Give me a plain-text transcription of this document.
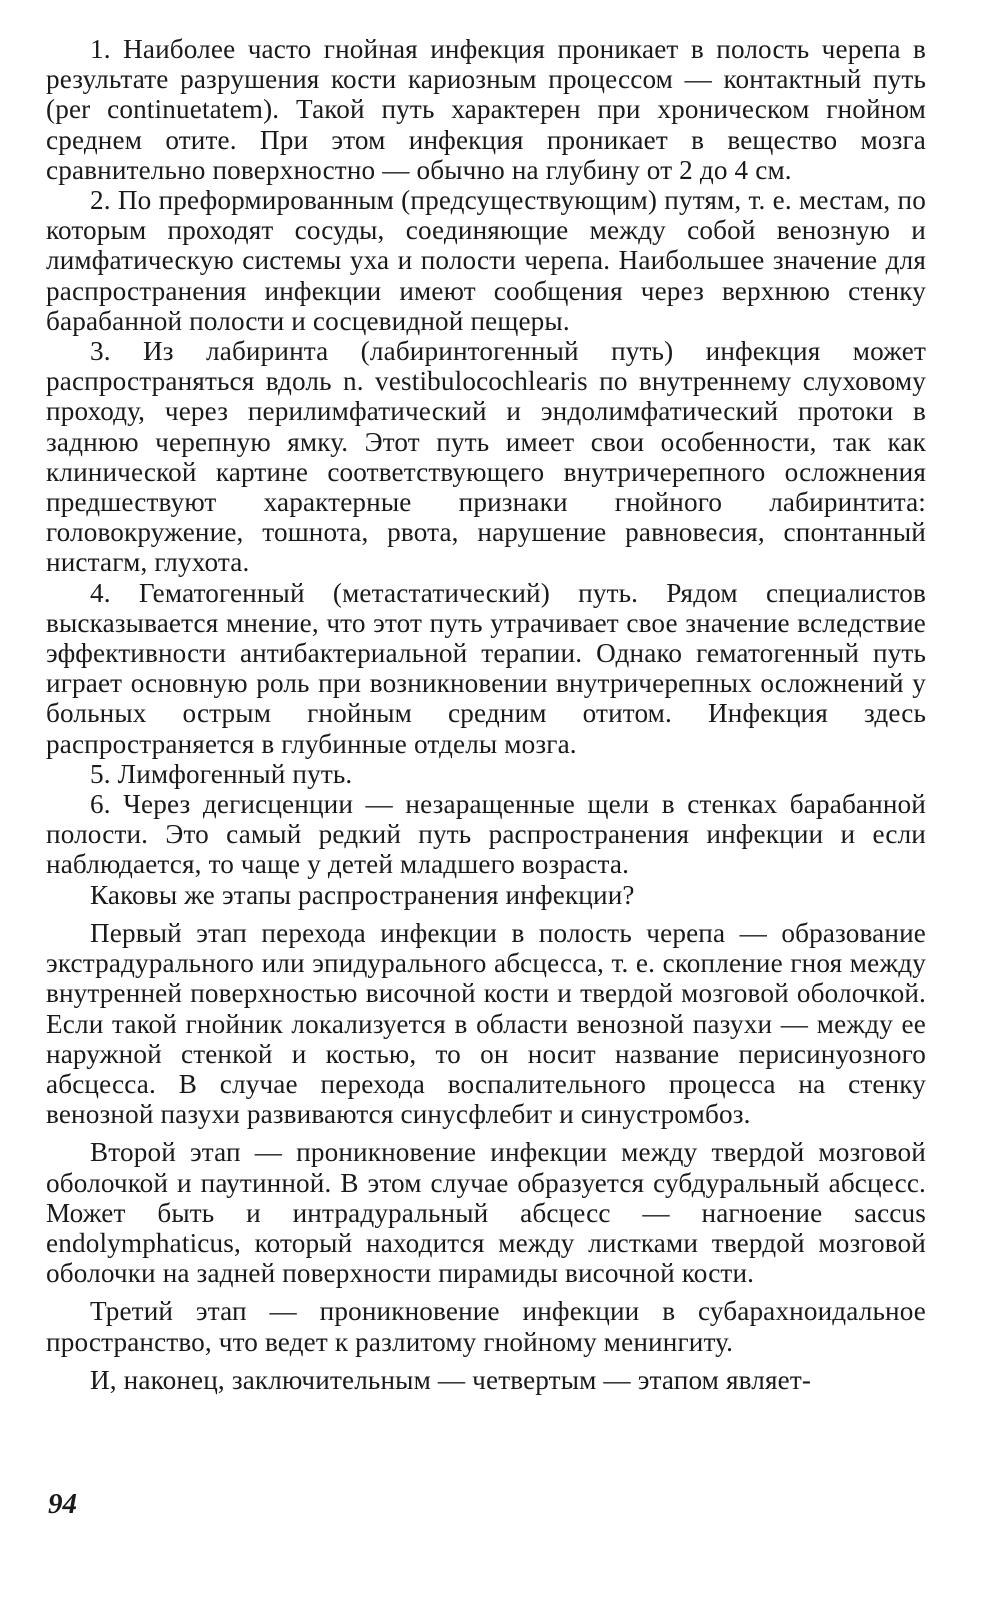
1. Наиболее часто гнойная инфекция проникает в полость черепа в результате разрушения кости кариозным процессом — контактный путь (per continuetatem). Такой путь характерен при хроническом гнойном среднем отите. При этом инфекция проникает в вещество мозга сравнительно поверхностно — обычно на глубину от 2 до 4 см.

2. По преформированным (предсуществующим) путям, т. е. местам, по которым проходят сосуды, соединяющие между собой венозную и лимфатическую системы уха и полости черепа. Наибольшее значение для распространения инфекции имеют сообщения через верхнюю стенку барабанной полости и сосцевидной пещеры.

3. Из лабиринта (лабиринтогенный путь) инфекция может распространяться вдоль n. vestibulocochlearis по внутреннему слуховому проходу, через перилимфатический и эндолимфатический протоки в заднюю черепную ямку. Этот путь имеет свои особенности, так как клинической картине соответствующего внутричерепного осложнения предшествуют характерные признаки гнойного лабиринтита: головокружение, тошнота, рвота, нарушение равновесия, спонтанный нистагм, глухота.

4. Гематогенный (метастатический) путь. Рядом специалистов высказывается мнение, что этот путь утрачивает свое значение вследствие эффективности антибактериальной терапии. Однако гематогенный путь играет основную роль при возникновении внутричерепных осложнений у больных острым гнойным средним отитом. Инфекция здесь распространяется в глубинные отделы мозга.

5. Лимфогенный путь.

6. Через дегисценции — незаращенные щели в стенках барабанной полости. Это самый редкий путь распространения инфекции и если наблюдается, то чаще у детей младшего возраста.

Каковы же этапы распространения инфекции?

Первый этап перехода инфекции в полость черепа — образование экстрадурального или эпидурального абсцесса, т. е. скопление гноя между внутренней поверхностью височной кости и твердой мозговой оболочкой. Если такой гнойник локализуется в области венозной пазухи — между ее наружной стенкой и костью, то он носит название перисинуозного абсцесса. В случае перехода воспалительного процесса на стенку венозной пазухи развиваются синусфлебит и синустромбоз.

Второй этап — проникновение инфекции между твердой мозговой оболочкой и паутинной. В этом случае образуется субдуральный абсцесс. Может быть и интрадуральный абсцесс — нагноение saccus endolymphaticus, который находится между листками твердой мозговой оболочки на задней поверхности пирамиды височной кости.

Третий этап — проникновение инфекции в субарахноидальное пространство, что ведет к разлитому гнойному менингиту.

И, наконец, заключительным — четвертым — этапом являет-

94
